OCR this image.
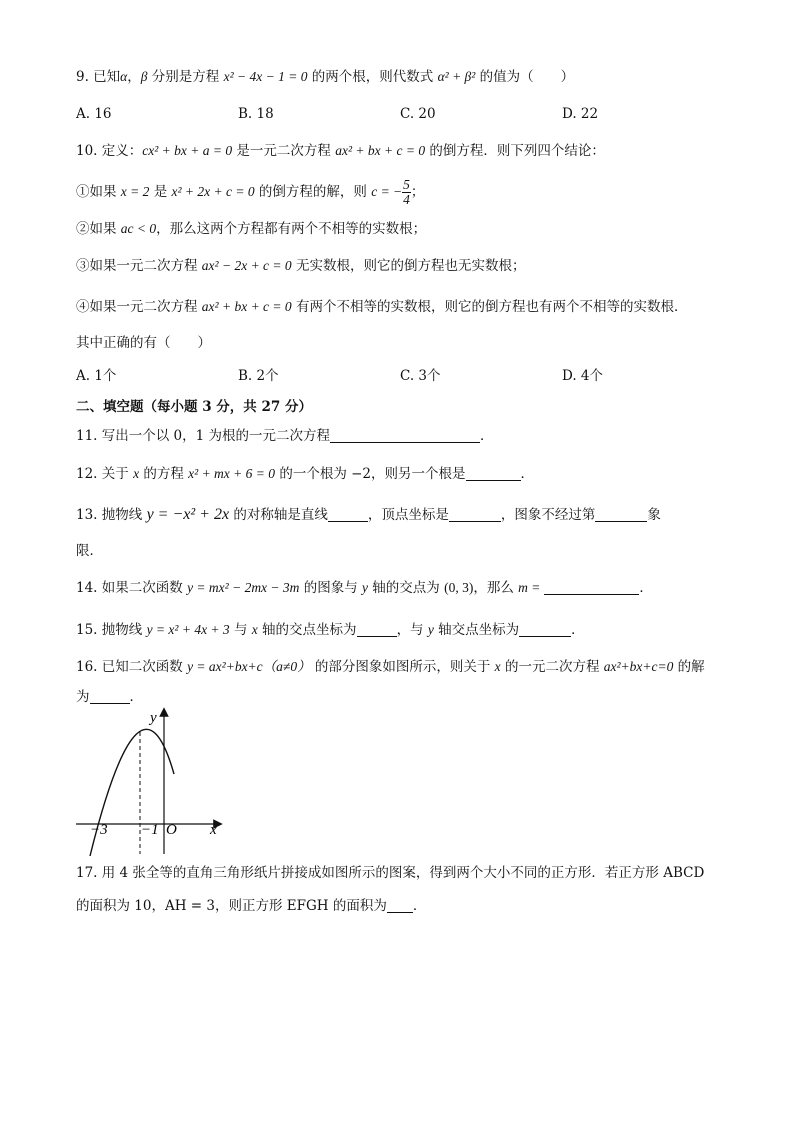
9. 已知α，β 分别是方程 x² − 4x − 1 = 0 的两个根，则代数式 α² + β² 的值为（　　）
A. 16	B. 18	C. 20	D. 22
10. 定义：cx² + bx + a = 0 是一元二次方程 ax² + bx + c = 0 的倒方程．则下列四个结论：
①如果 x = 2 是 x² + 2x + c = 0 的倒方程的解，则 c = − $\frac{5}{4}$ ；
②如果 ac < 0，那么这两个方程都有两个不相等的实数根；
③如果一元二次方程 ax² − 2x + c = 0 无实数根，则它的倒方程也无实数根；
④如果一元二次方程 ax² + bx + c = 0 有两个不相等的实数根，则它的倒方程也有两个不相等的实数根．
其中正确的有（　　）
A. 1个	B. 2个	C. 3个	D. 4个
二、填空题（每小题 3 分，共 27 分）
11. 写出一个以 0，1 为根的一元二次方程	．
12. 关于 x 的方程 x² + mx + 6 = 0 的一个根为 −2，则另一个根是	．
13. 抛物线 y = −x² + 2x 的对称轴是直线	，顶点坐标是	，图象不经过第	象
限．
14. 如果二次函数 y = mx² − 2mx − 3m 的图象与 y 轴的交点为 (0, 3)，那么 m =	．
15. 抛物线 y = x² + 4x + 3 与 x 轴的交点坐标为	，与 y 轴交点坐标为	．
16. 已知二次函数 y = ax²+bx+c（a≠0） 的部分图象如图所示，则关于 x 的一元二次方程 ax²+bx+c=0 的解
为	．
y
x
−3 −1 O
17. 用 4 张全等的直角三角形纸片拼接成如图所示的图案，得到两个大小不同的正方形．若正方形 ABCD
的面积为 10，AH = 3，则正方形 EFGH 的面积为 ．
